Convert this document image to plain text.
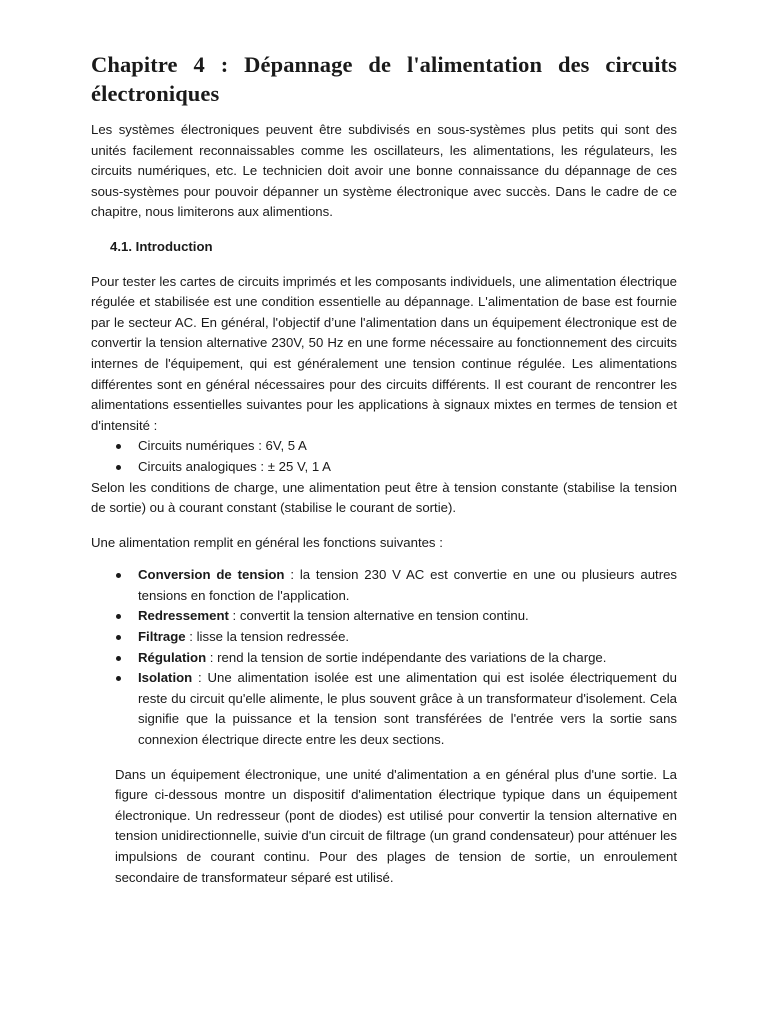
Chapitre 4 : Dépannage de l'alimentation des circuits électroniques

Les systèmes électroniques peuvent être subdivisés en sous-systèmes plus petits qui sont des unités facilement reconnaissables comme les oscillateurs, les alimentations, les régulateurs, les circuits numériques, etc. Le technicien doit avoir une bonne connaissance du dépannage de ces sous-systèmes pour pouvoir dépanner un système électronique avec succès. Dans le cadre de ce chapitre, nous limiterons aux alimentions.

4.1. Introduction

Pour tester les cartes de circuits imprimés et les composants individuels, une alimentation électrique régulée et stabilisée est une condition essentielle au dépannage. L'alimentation de base est fournie par le secteur AC. En général, l'objectif d’une l'alimentation dans un équipement électronique est de convertir la tension alternative 230V, 50 Hz en une forme nécessaire au fonctionnement des circuits internes de l'équipement, qui est généralement une tension continue régulée. Les alimentations différentes sont en général nécessaires pour des circuits différents. Il est courant de rencontrer les alimentations essentielles suivantes pour les applications à signaux mixtes en termes de tension et d'intensité :

Circuits numériques : 6V, 5 A
Circuits analogiques : ± 25 V, 1 A

Selon les conditions de charge, une alimentation peut être à tension constante (stabilise la tension de sortie) ou à courant constant (stabilise le courant de sortie).

Une alimentation remplit en général les fonctions suivantes :

Conversion de tension : la tension 230 V AC est convertie en une ou plusieurs autres tensions en fonction de l'application.
Redressement : convertit la tension alternative en tension continu.
Filtrage : lisse la tension redressée.
Régulation : rend la tension de sortie indépendante des variations de la charge.
Isolation : Une alimentation isolée est une alimentation qui est isolée électriquement du reste du circuit qu'elle alimente, le plus souvent grâce à un transformateur d'isolement. Cela signifie que la puissance et la tension sont transférées de l'entrée vers la sortie sans connexion électrique directe entre les deux sections.

Dans un équipement électronique, une unité d'alimentation a en général plus d'une sortie. La figure ci-dessous montre un dispositif d'alimentation électrique typique dans un équipement électronique. Un redresseur (pont de diodes) est utilisé pour convertir la tension alternative en tension unidirectionnelle, suivie d'un circuit de filtrage (un grand condensateur) pour atténuer les impulsions de courant continu. Pour des plages de tension de sortie, un enroulement secondaire de transformateur séparé est utilisé.
